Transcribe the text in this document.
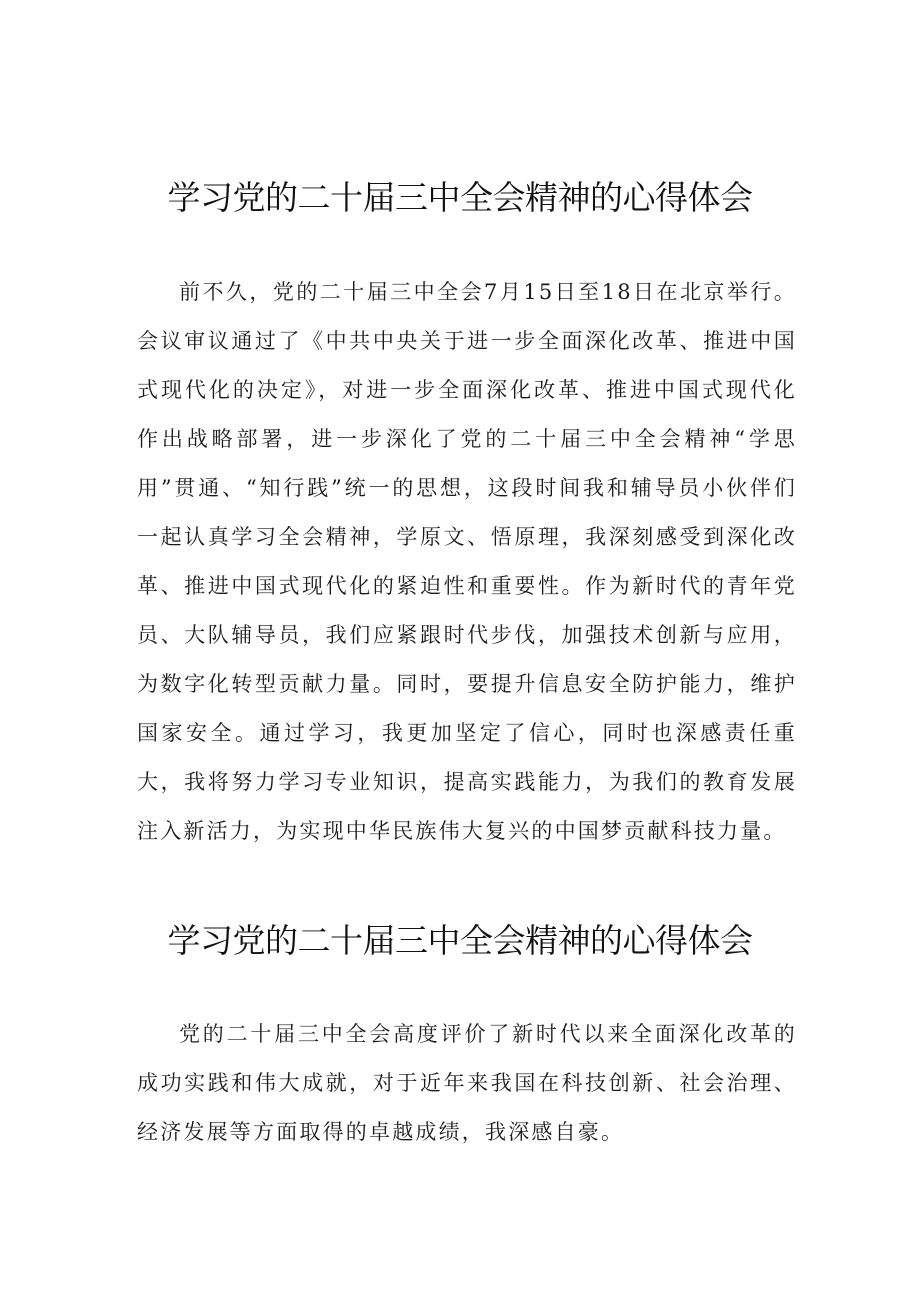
学习党的二十届三中全会精神的心得体会

前不久，党的二十届三中全会7月15日至18日在北京举行。会议审议通过了《中共中央关于进一步全面深化改革、推进中国式现代化的决定》，对进一步全面深化改革、推进中国式现代化作出战略部署，进一步深化了党的二十届三中全会精神“学思用”贯通、“知行践”统一的思想，这段时间我和辅导员小伙伴们一起认真学习全会精神，学原文、悟原理，我深刻感受到深化改革、推进中国式现代化的紧迫性和重要性。作为新时代的青年党员、大队辅导员，我们应紧跟时代步伐，加强技术创新与应用，为数字化转型贡献力量。同时，要提升信息安全防护能力，维护国家安全。通过学习，我更加坚定了信心，同时也深感责任重大，我将努力学习专业知识，提高实践能力，为我们的教育发展注入新活力，为实现中华民族伟大复兴的中国梦贡献科技力量。

学习党的二十届三中全会精神的心得体会

党的二十届三中全会高度评价了新时代以来全面深化改革的成功实践和伟大成就，对于近年来我国在科技创新、社会治理、经济发展等方面取得的卓越成绩，我深感自豪。
